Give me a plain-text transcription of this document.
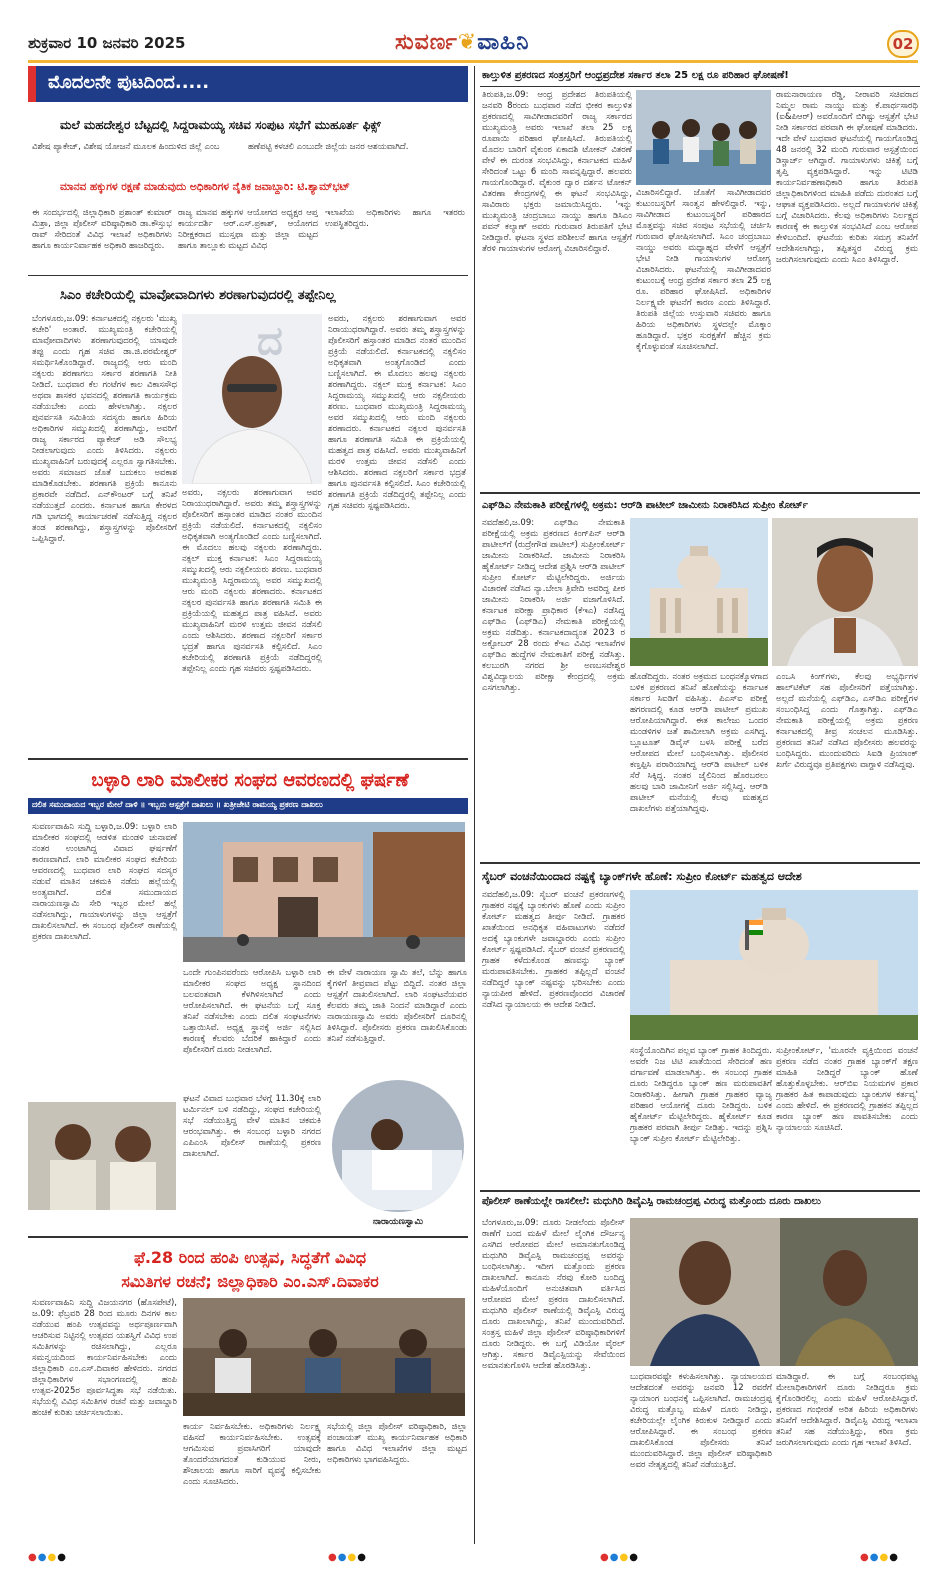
ಶುಕ್ರವಾರ 10 ಜನವರಿ 2025	ಸುವರ್ಣ❦ವಾಹಿನಿ	02
ಮೊದಲನೇ ಪುಟದಿಂದ.....
ಮಲೆ ಮಹದೇಶ್ವರ ಬೆಟ್ಟದಲ್ಲಿ ಸಿದ್ದರಾಮಯ್ಯ ಸಚಿವ ಸಂಪುಟ ಸಭೆಗೆ ಮುಹೂರ್ತ ಫಿಕ್ಸ್
ವಿಶೇಷ ಪ್ಯಾಕೇಜ್, ವಿಶೇಷ ಯೋಜನೆ ಮೂಲಕ ಹಿಂದುಳಿದ ಜಿಲ್ಲೆ ಎಂಬ	ಹಣೆಪಟ್ಟಿ ಕಳಚಲಿ ಎಂಬುದೇ ಜಿಲ್ಲೆಯ ಜನರ ಆಶಯವಾಗಿದೆ.
ಮಾನವ ಹಕ್ಕುಗಳ ರಕ್ಷಣೆ ಮಾಡುವುದು ಅಧಿಕಾರಿಗಳ ನೈತಿಕ ಜವಾಬ್ದಾರಿ: ಟಿ.ಶ್ಯಾಮ್‌ಭಟ್
ಈ ಸಂದರ್ಭದಲ್ಲಿ ಜಿಲ್ಲಾಧಿಕಾರಿ ಪ್ರಶಾಂತ್ ಕುಮಾರ್ ಮಿಶ್ರಾ, ಜಿಲ್ಲಾ ಪೊಲೀಸ್ ವರಿಷ್ಠಾಧಿಕಾರಿ ಡಾ.ಕೌಸ್ತುಭ ರಾವ್ ಸೇರಿದಂತೆ ವಿವಿಧ ಇಲಾಖೆ ಅಧಿಕಾರಿಗಳು ಹಾಗೂ ಕಾರ್ಯನಿರ್ವಾಹಕ ಅಧಿಕಾರಿ ಹಾಜರಿದ್ದರು.
ರಾಜ್ಯ ಮಾನವ ಹಕ್ಕುಗಳ ಆಯೋಗದ ಅಧ್ಯಕ್ಷರ ಆಪ್ತ ಕಾರ್ಯದರ್ಶಿ ಆರ್.ಎಸ್.ಪ್ರಕಾಶ್, ಆಯೋಗದ ನಿರೀಕ್ಷಕರಾದ ಮುಸ್ತಫಾ ಮತ್ತು ಜಿಲ್ಲಾ ಮಟ್ಟದ ಹಾಗೂ ತಾಲ್ಲೂಕು ಮಟ್ಟದ ವಿವಿಧ
ಇಲಾಖೆಯ ಅಧಿಕಾರಿಗಳು ಹಾಗೂ ಇತರರು ಉಪಸ್ಥಿತರಿದ್ದರು.
ಸಿಎಂ ಕಚೇರಿಯಲ್ಲಿ ಮಾವೋವಾದಿಗಳು ಶರಣಾಗುವುದರಲ್ಲಿ ತಪ್ಪೇನಿಲ್ಲ
ಬೆಂಗಳೂರು,ಜ.09: ಕರ್ನಾಟಕದಲ್ಲಿ ನಕ್ಸಲರು 'ಮುಖ್ಯ ಕಚೇರಿ' ಅಂತಾರೆ. ಮುಖ್ಯಮಂತ್ರಿ ಕಚೇರಿಯಲ್ಲಿ ಮಾವೋವಾದಿಗಳು ಶರಣಾಗುವುದರಲ್ಲಿ ಯಾವುದೇ ತಪ್ಪು ಎಂದು ಗೃಹ ಸಚಿವ ಡಾ.ಜಿ.ಪರಮೇಶ್ವರ್ ಸಮರ್ಥಿಸಿಕೊಂಡಿದ್ದಾರೆ. ರಾಜ್ಯದಲ್ಲಿ ಆರು ಮಂದಿ ನಕ್ಸಲರು ಶರಣಾಗಲು ಸರ್ಕಾರ ಶರಣಾಗತಿ ನೀತಿ ನೀಡಿದೆ. ಬುಧವಾರ ಕೆಲ ಗಂಟೆಗಳ ಕಾಲ ವಿಕಾಸಸೌಧ ಅಥವಾ ಶಾಸಕರ ಭವನದಲ್ಲಿ ಶರಣಾಗತಿ ಕಾರ್ಯಕ್ರಮ ನಡೆಯಬೇಕು ಎಂದು ಹೇಳಲಾಗಿತ್ತು. ನಕ್ಸಲರ ಪುನರ್ವಸತಿ ಸಮಿತಿಯ ಸದಸ್ಯರು ಹಾಗೂ ಹಿರಿಯ ಅಧಿಕಾರಿಗಳ ಸಮ್ಮುಖದಲ್ಲಿ ಶರಣಾಗಿದ್ದು, ಅವರಿಗೆ ರಾಜ್ಯ ಸರ್ಕಾರದ ಪ್ಯಾಕೇಜ್ ಅಡಿ ಸೌಲಭ್ಯ ನೀಡಲಾಗುವುದು ಎಂದು ತಿಳಿಸಿದರು. ನಕ್ಸಲರು ಮುಖ್ಯವಾಹಿನಿಗೆ ಬರುವುದಕ್ಕೆ ಎಲ್ಲರೂ ಸ್ವಾಗತಿಸಬೇಕು. ಅವರು ಸಮಾಜದ ಜೊತೆ ಬದುಕಲು ಅವಕಾಶ ಮಾಡಿಕೊಡಬೇಕು. ಶರಣಾಗತಿ ಪ್ರಕ್ರಿಯೆ ಕಾನೂನು ಪ್ರಕಾರವೇ ನಡೆದಿದೆ. ಎನ್‌ಕೌಂಟರ್ ಬಗ್ಗೆ ತನಿಖೆ ನಡೆಯುತ್ತದೆ ಎಂದರು. ಕರ್ನಾಟಕ ಹಾಗೂ ಕೇರಳದ ಗಡಿ ಭಾಗದಲ್ಲಿ ಕಾರ್ಯಾಚರಣೆ ನಡೆಸುತ್ತಿದ್ದ ನಕ್ಸಲರ ತಂಡ ಶರಣಾಗಿದ್ದು, ಶಸ್ತ್ರಾಸ್ತ್ರಗಳನ್ನು ಪೊಲೀಸರಿಗೆ ಒಪ್ಪಿಸಿದ್ದಾರೆ.
ದ
ಅವರು, ನಕ್ಸಲರು ಶರಣಾಗುವಾಗ ಅವರ ನಿರಾಯುಧರಾಗಿದ್ದಾರೆ. ಅವರು ತಮ್ಮ ಶಸ್ತ್ರಾಸ್ತ್ರಗಳನ್ನು ಪೊಲೀಸರಿಗೆ ಹಸ್ತಾಂತರ ಮಾಡಿದ ನಂತರ ಮುಂದಿನ ಪ್ರಕ್ರಿಯೆ ನಡೆಯಲಿದೆ. ಕರ್ನಾಟಕದಲ್ಲಿ ನಕ್ಸಲಿಸಂ ಅಧಿಕೃತವಾಗಿ ಅಂತ್ಯಗೊಂಡಿದೆ ಎಂದು ಬಣ್ಣಿಸಲಾಗಿದೆ. ಈ ಮೊದಲು ಹಲವು ನಕ್ಸಲರು ಶರಣಾಗಿದ್ದರು. ನಕ್ಸಲ್ ಮುಕ್ತ ಕರ್ನಾಟಕ: ಸಿಎಂ ಸಿದ್ದರಾಮಯ್ಯ ಸಮ್ಮುಖದಲ್ಲಿ ಆರು ನಕ್ಸಲೀಯರು ಶರಣು. ಬುಧವಾರ ಮುಖ್ಯಮಂತ್ರಿ ಸಿದ್ದರಾಮಯ್ಯ ಅವರ ಸಮ್ಮುಖದಲ್ಲಿ ಆರು ಮಂದಿ ನಕ್ಸಲರು ಶರಣಾದರು. ಕರ್ನಾಟಕದ ನಕ್ಸಲರ ಪುನರ್ವಸತಿ ಹಾಗೂ ಶರಣಾಗತಿ ಸಮಿತಿ ಈ ಪ್ರಕ್ರಿಯೆಯಲ್ಲಿ ಮಹತ್ವದ ಪಾತ್ರ ವಹಿಸಿದೆ. ಅವರು ಮುಖ್ಯವಾಹಿನಿಗೆ ಮರಳಿ ಉತ್ತಮ ಜೀವನ ನಡೆಸಲಿ ಎಂದು ಆಶಿಸಿದರು. ಶರಣಾದ ನಕ್ಸಲರಿಗೆ ಸರ್ಕಾರ ಭದ್ರತೆ ಹಾಗೂ ಪುನರ್ವಸತಿ ಕಲ್ಪಿಸಲಿದೆ. ಸಿಎಂ ಕಚೇರಿಯಲ್ಲಿ ಶರಣಾಗತಿ ಪ್ರಕ್ರಿಯೆ ನಡೆದಿದ್ದರಲ್ಲಿ ತಪ್ಪೇನಿಲ್ಲ ಎಂದು ಗೃಹ ಸಚಿವರು ಸ್ಪಷ್ಟಪಡಿಸಿದರು.
ಅವರು, ನಕ್ಸಲರು ಶರಣಾಗುವಾಗ ಅವರ ನಿರಾಯುಧರಾಗಿದ್ದಾರೆ. ಅವರು ತಮ್ಮ ಶಸ್ತ್ರಾಸ್ತ್ರಗಳನ್ನು ಪೊಲೀಸರಿಗೆ ಹಸ್ತಾಂತರ ಮಾಡಿದ ನಂತರ ಮುಂದಿನ ಪ್ರಕ್ರಿಯೆ ನಡೆಯಲಿದೆ. ಕರ್ನಾಟಕದಲ್ಲಿ ನಕ್ಸಲಿಸಂ ಅಧಿಕೃತವಾಗಿ ಅಂತ್ಯಗೊಂಡಿದೆ ಎಂದು ಬಣ್ಣಿಸಲಾಗಿದೆ. ಈ ಮೊದಲು ಹಲವು ನಕ್ಸಲರು ಶರಣಾಗಿದ್ದರು. ನಕ್ಸಲ್ ಮುಕ್ತ ಕರ್ನಾಟಕ: ಸಿಎಂ ಸಿದ್ದರಾಮಯ್ಯ ಸಮ್ಮುಖದಲ್ಲಿ ಆರು ನಕ್ಸಲೀಯರು ಶರಣು. ಬುಧವಾರ ಮುಖ್ಯಮಂತ್ರಿ ಸಿದ್ದರಾಮಯ್ಯ ಅವರ ಸಮ್ಮುಖದಲ್ಲಿ ಆರು ಮಂದಿ ನಕ್ಸಲರು ಶರಣಾದರು. ಕರ್ನಾಟಕದ ನಕ್ಸಲರ ಪುನರ್ವಸತಿ ಹಾಗೂ ಶರಣಾಗತಿ ಸಮಿತಿ ಈ ಪ್ರಕ್ರಿಯೆಯಲ್ಲಿ ಮಹತ್ವದ ಪಾತ್ರ ವಹಿಸಿದೆ. ಅವರು ಮುಖ್ಯವಾಹಿನಿಗೆ ಮರಳಿ ಉತ್ತಮ ಜೀವನ ನಡೆಸಲಿ ಎಂದು ಆಶಿಸಿದರು. ಶರಣಾದ ನಕ್ಸಲರಿಗೆ ಸರ್ಕಾರ ಭದ್ರತೆ ಹಾಗೂ ಪುನರ್ವಸತಿ ಕಲ್ಪಿಸಲಿದೆ. ಸಿಎಂ ಕಚೇರಿಯಲ್ಲಿ ಶರಣಾಗತಿ ಪ್ರಕ್ರಿಯೆ ನಡೆದಿದ್ದರಲ್ಲಿ ತಪ್ಪೇನಿಲ್ಲ ಎಂದು ಗೃಹ ಸಚಿವರು ಸ್ಪಷ್ಟಪಡಿಸಿದರು.
ಬಳ್ಳಾರಿ ಲಾರಿ ಮಾಲೀಕರ ಸಂಘದ ಆವರಣದಲ್ಲಿ ಘರ್ಷಣೆ
ದಲಿತ ಸಮುದಾಯದ ಇಬ್ಬರ ಮೇಲೆ ದಾಳಿ ॥ ಇಬ್ಬರು ಆಸ್ಪತ್ರೆಗೆ ದಾಖಲು ॥ ಖತ್ರೀಜೇಟಿ ರಾಮಯ್ಯ ಪ್ರಕರಣ ದಾಖಲು
ಸುವರ್ಣವಾಹಿನಿ ಸುದ್ದಿ ಬಳ್ಳಾರಿ,ಜ.09: ಬಳ್ಳಾರಿ ಲಾರಿ ಮಾಲೀಕರ ಸಂಘದಲ್ಲಿ ಆಡಳಿತ ಮಂಡಳಿ ಚುನಾವಣೆ ನಂತರ ಉಂಟಾಗಿದ್ದ ವಿವಾದ ಘರ್ಷಣೆಗೆ ಕಾರಣವಾಗಿದೆ. ಲಾರಿ ಮಾಲೀಕರ ಸಂಘದ ಕಚೇರಿಯ ಆವರಣದಲ್ಲಿ ಬುಧವಾರ ಲಾರಿ ಸಂಘದ ಸದಸ್ಯರ ನಡುವೆ ಮಾತಿನ ಚಕಮಕಿ ನಡೆದು ಹಲ್ಲೆಯಲ್ಲಿ ಅಂತ್ಯವಾಗಿದೆ. ದಲಿತ ಸಮುದಾಯದ ನಾರಾಯಣಸ್ವಾಮಿ ಸೇರಿ ಇಬ್ಬರ ಮೇಲೆ ಹಲ್ಲೆ ನಡೆಸಲಾಗಿದ್ದು, ಗಾಯಾಳುಗಳನ್ನು ಜಿಲ್ಲಾ ಆಸ್ಪತ್ರೆಗೆ ದಾಖಲಿಸಲಾಗಿದೆ. ಈ ಸಂಬಂಧ ಪೊಲೀಸ್ ಠಾಣೆಯಲ್ಲಿ ಪ್ರಕರಣ ದಾಖಲಾಗಿದೆ.
ಒಂದೇ ಗುಂಪಿನವರೆಂದು ಆರೋಪಿಸಿ ಬಳ್ಳಾರಿ ಲಾರಿ ಮಾಲೀಕರ ಸಂಘದ ಅಧ್ಯಕ್ಷ ಸ್ಥಾನದಿಂದ ಬಲವಂತವಾಗಿ ಕೆಳಗಿಳಿಸಲಾಗಿದೆ ಎಂದು ಆರೋಪಿಸಲಾಗಿದೆ. ಈ ಘಟನೆಯ ಬಗ್ಗೆ ಸೂಕ್ತ ತನಿಖೆ ನಡೆಸಬೇಕು ಎಂದು ದಲಿತ ಸಂಘಟನೆಗಳು ಒತ್ತಾಯಿಸಿವೆ. ಅಧ್ಯಕ್ಷ ಸ್ಥಾನಕ್ಕೆ ಅರ್ಜಿ ಸಲ್ಲಿಸಿದ ಕಾರಣಕ್ಕೆ ಕೆಲವರು ಬೆದರಿಕೆ ಹಾಕಿದ್ದಾರೆ ಎಂದು ಪೊಲೀಸರಿಗೆ ದೂರು ನೀಡಲಾಗಿದೆ.
ಈ ವೇಳೆ ನಾರಾಯಣ ಸ್ವಾಮಿ ತಲೆ, ಬೆನ್ನು ಹಾಗೂ ಕೈಗಳಿಗೆ ತೀವ್ರವಾದ ಪೆಟ್ಟು ಬಿದ್ದಿದೆ. ನಂತರ ಜಿಲ್ಲಾ ಆಸ್ಪತ್ರೆಗೆ ದಾಖಲಿಸಲಾಗಿದೆ. ಲಾರಿ ಸಂಘಟನೆಯವರ ಕೆಲವರು ತಮ್ಮ ಜಾತಿ ನಿಂದನೆ ಮಾಡಿದ್ದಾರೆ ಎಂದು ನಾರಾಯಣಸ್ವಾಮಿ ಅವರು ಪೊಲೀಸರಿಗೆ ದೂರಿನಲ್ಲಿ ತಿಳಿಸಿದ್ದಾರೆ. ಪೊಲೀಸರು ಪ್ರಕರಣ ದಾಖಲಿಸಿಕೊಂಡು ತನಿಖೆ ನಡೆಸುತ್ತಿದ್ದಾರೆ.
ಘಟನೆ ವಿವಾದ ಬುಧವಾರ ಬೆಳಗ್ಗೆ 11.30ಕ್ಕೆ ಲಾರಿ ಟರ್ಮಿನಲ್ ಬಳಿ ನಡೆದಿದ್ದು, ಸಂಘದ ಕಚೇರಿಯಲ್ಲಿ ಸಭೆ ನಡೆಯುತ್ತಿದ್ದ ವೇಳೆ ಮಾತಿನ ಚಕಮಕಿ ಆರಂಭವಾಗಿತ್ತು. ಈ ಸಂಬಂಧ ಬಳ್ಳಾರಿ ನಗರದ ಎಪಿಎಂಸಿ ಪೊಲೀಸ್ ಠಾಣೆಯಲ್ಲಿ ಪ್ರಕರಣ ದಾಖಲಾಗಿದೆ.
ನಾರಾಯಣಸ್ವಾಮಿ
ಫೆ.28 ರಿಂದ ಹಂಪಿ ಉತ್ಸವ, ಸಿದ್ಧತೆಗೆ ವಿವಿಧ
ಸಮಿತಿಗಳ ರಚನೆ; ಜಿಲ್ಲಾಧಿಕಾರಿ ಎಂ.ಎಸ್.ದಿವಾಕರ
ಸುವರ್ಣವಾಹಿನಿ ಸುದ್ದಿ ವಿಜಯನಗರ (ಹೊಸಪೇಟೆ), ಜ.09: ಫೆಬ್ರವರಿ 28 ರಿಂದ ಮೂರು ದಿನಗಳ ಕಾಲ ನಡೆಯುವ ಹಂಪಿ ಉತ್ಸವವನ್ನು ಅರ್ಥಪೂರ್ಣವಾಗಿ ಆಚರಿಸುವ ನಿಟ್ಟಿನಲ್ಲಿ ಉತ್ಸವದ ಯಶಸ್ವಿಗೆ ವಿವಿಧ ಉಪ ಸಮಿತಿಗಳನ್ನು ರಚಿಸಲಾಗಿದ್ದು, ಎಲ್ಲರೂ ಸಮನ್ವಯದಿಂದ ಕಾರ್ಯನಿರ್ವಹಿಸಬೇಕು ಎಂದು ಜಿಲ್ಲಾಧಿಕಾರಿ ಎಂ.ಎಸ್.ದಿವಾಕರ ಹೇಳಿದರು. ನಗರದ ಜಿಲ್ಲಾಧಿಕಾರಿಗಳ ಸಭಾಂಗಣದಲ್ಲಿ ಹಂಪಿ ಉತ್ಸವ-2025ರ ಪೂರ್ವಸಿದ್ಧತಾ ಸಭೆ ನಡೆಯಿತು. ಸಭೆಯಲ್ಲಿ ವಿವಿಧ ಸಮಿತಿಗಳ ರಚನೆ ಮತ್ತು ಜವಾಬ್ದಾರಿ ಹಂಚಿಕೆ ಕುರಿತು ಚರ್ಚಿಸಲಾಯಿತು.
ಕಾರ್ಯ ನಿರ್ವಹಿಸಬೇಕು. ಅಧಿಕಾರಿಗಳು ನಿರ್ಲಕ್ಷ್ಯ ವಹಿಸದೆ ಕಾರ್ಯನಿರ್ವಹಿಸಬೇಕು. ಉತ್ಸವಕ್ಕೆ ಆಗಮಿಸುವ ಪ್ರವಾಸಿಗರಿಗೆ ಯಾವುದೇ ತೊಂದರೆಯಾಗದಂತೆ ಕುಡಿಯುವ ನೀರು, ಶೌಚಾಲಯ ಹಾಗೂ ಸಾರಿಗೆ ವ್ಯವಸ್ಥೆ ಕಲ್ಪಿಸಬೇಕು ಎಂದು ಸೂಚಿಸಿದರು.
ಸಭೆಯಲ್ಲಿ ಜಿಲ್ಲಾ ಪೊಲೀಸ್ ವರಿಷ್ಠಾಧಿಕಾರಿ, ಜಿಲ್ಲಾ ಪಂಚಾಯತ್ ಮುಖ್ಯ ಕಾರ್ಯನಿರ್ವಾಹಕ ಅಧಿಕಾರಿ ಹಾಗೂ ವಿವಿಧ ಇಲಾಖೆಗಳ ಜಿಲ್ಲಾ ಮಟ್ಟದ ಅಧಿಕಾರಿಗಳು ಭಾಗವಹಿಸಿದ್ದರು.
ಕಾಲ್ತುಳಿತ ಪ್ರಕರಣದ ಸಂತ್ರಸ್ತರಿಗೆ ಆಂಧ್ರಪ್ರದೇಶ ಸರ್ಕಾರ ತಲಾ 25 ಲಕ್ಷ ರೂ ಪರಿಹಾರ ಘೋಷಣೆ!
ತಿರುಪತಿ,ಜ.09: ಆಂಧ್ರ ಪ್ರದೇಶದ ತಿರುಪತಿಯಲ್ಲಿ ಜನವರಿ 8ರಂದು ಬುಧವಾರ ನಡೆದ ಭೀಕರ ಕಾಲ್ತುಳಿತ ಪ್ರಕರಣದಲ್ಲಿ ಸಾವಿಗೀಡಾದವರಿಗೆ ರಾಜ್ಯ ಸರ್ಕಾರದ ಮುಖ್ಯಮಂತ್ರಿ ಅವರು ಇಲಾಖೆ ತಲಾ 25 ಲಕ್ಷ ರೂಪಾಯಿ ಪರಿಹಾರ ಘೋಷಿಸಿದೆ. ತಿರುಪತಿಯಲ್ಲಿ ಮೊದಲ ಬಾರಿಗೆ ವೈಕುಂಠ ಏಕಾದಶಿ ಟೋಕನ್ ವಿತರಣೆ ವೇಳೆ ಈ ದುರಂತ ಸಂಭವಿಸಿದ್ದು, ಕರ್ನಾಟಕದ ಮಹಿಳೆ ಸೇರಿದಂತೆ ಒಟ್ಟು 6 ಮಂದಿ ಸಾವನ್ನಪ್ಪಿದ್ದಾರೆ. ಹಲವರು ಗಾಯಗೊಂಡಿದ್ದಾರೆ. ವೈಕುಂಠ ದ್ವಾರ ದರ್ಶನ ಟೋಕನ್ ವಿತರಣಾ ಕೇಂದ್ರಗಳಲ್ಲಿ ಈ ಘಟನೆ ಸಂಭವಿಸಿದ್ದು, ಸಾವಿರಾರು ಭಕ್ತರು ಜಮಾಯಿಸಿದ್ದರು. 'ಇನ್ನು ಮುಖ್ಯಮಂತ್ರಿ ಚಂದ್ರಬಾಬು ನಾಯ್ಡು ಹಾಗೂ ಡಿಸಿಎಂ ಪವನ್ ಕಲ್ಯಾಣ್ ಅವರು ಗುರುವಾರ ತಿರುಪತಿಗೆ ಭೇಟಿ ನೀಡಿದ್ದಾರೆ. ಘಟನಾ ಸ್ಥಳದ ಪರಿಶೀಲನೆ ಹಾಗೂ ಆಸ್ಪತ್ರೆಗೆ ತೆರಳಿ ಗಾಯಾಳುಗಳ ಆರೋಗ್ಯ ವಿಚಾರಿಸಲಿದ್ದಾರೆ.
ವಿಚಾರಿಸಲಿದ್ದಾರೆ. ಜೊತೆಗೆ ಸಾವಿಗೀಡಾದವರ ಕುಟುಂಬಸ್ಥರಿಗೆ ಸಾಂತ್ವನ ಹೇಳಲಿದ್ದಾರೆ. ಇನ್ನು, ಸಾವಿಗೀಡಾದ ಕುಟುಂಬಸ್ಥರಿಗೆ ಪರಿಹಾರದ ಮೊತ್ತವನ್ನು ಸಚಿವ ಸಂಪುಟ ಸಭೆಯಲ್ಲಿ ಚರ್ಚಿಸಿ ಗುರುವಾರ ಘೋಷಿಸಲಾಗಿದೆ. ಸಿಎಂ ಚಂದ್ರಬಾಬು ನಾಯ್ಡು ಅವರು ಮಧ್ಯಾಹ್ನದ ವೇಳೆಗೆ ಆಸ್ಪತ್ರೆಗೆ ಭೇಟಿ ನೀಡಿ ಗಾಯಾಳುಗಳ ಆರೋಗ್ಯ ವಿಚಾರಿಸಿದರು. ಘಟನೆಯಲ್ಲಿ ಸಾವಿಗೀಡಾದವರ ಕುಟುಂಬಕ್ಕೆ ಆಂಧ್ರ ಪ್ರದೇಶ ಸರ್ಕಾರ ತಲಾ 25 ಲಕ್ಷ ರೂ. ಪರಿಹಾರ ಘೋಷಿಸಿದೆ. ಅಧಿಕಾರಿಗಳ ನಿರ್ಲಕ್ಷ್ಯವೇ ಘಟನೆಗೆ ಕಾರಣ ಎಂದು ತಿಳಿಸಿದ್ದಾರೆ. ತಿರುಪತಿ ಜಿಲ್ಲೆಯ ಉಸ್ತುವಾರಿ ಸಚಿವರು ಹಾಗೂ ಹಿರಿಯ ಅಧಿಕಾರಿಗಳು ಸ್ಥಳದಲ್ಲೇ ಮೊಕ್ಕಾಂ ಹೂಡಿದ್ದಾರೆ. ಭಕ್ತರ ಸುರಕ್ಷತೆಗೆ ಹೆಚ್ಚಿನ ಕ್ರಮ ಕೈಗೊಳ್ಳುವಂತೆ ಸೂಚಿಸಲಾಗಿದೆ.
ರಾಮನಾರಾಯಣ ರೆಡ್ಡಿ, ನೀರಾವರಿ ಸಚಿವರಾದ ನಿಮ್ಮಲ ರಾಮ ನಾಯ್ಡು ಮತ್ತು ಕೆ.ಪಾರ್ಥಸಾರಥಿ (ಐ&ಪಿಆರ್) ಅವರೊಂದಿಗೆ ಬಿಗಿಷ್ಟು ಆಸ್ಪತ್ರೆಗೆ ಭೇಟಿ ನೀಡಿ ಸರ್ಕಾರದ ಪರವಾಗಿ ಈ ಘೋಷಣೆ ಮಾಡಿದರು. ಇದೇ ವೇಳೆ ಬುಧವಾರ ಘಟನೆಯಲ್ಲಿ ಗಾಯಗೊಂಡಿದ್ದ 48 ಜನರಲ್ಲಿ 32 ಮಂದಿ ಗುರುವಾರ ಆಸ್ಪತ್ರೆಯಿಂದ ಡಿಸ್ಚಾರ್ಜ್ ಆಗಿದ್ದಾರೆ. ಗಾಯಾಳುಗಳು ಚಿಕಿತ್ಸೆ ಬಗ್ಗೆ ತೃಪ್ತಿ ವ್ಯಕ್ತಪಡಿಸಿದ್ದಾರೆ. ಇನ್ನು ಟಿಟಿಡಿ ಕಾರ್ಯನಿರ್ವಹಣಾಧಿಕಾರಿ ಹಾಗೂ ತಿರುಪತಿ ಜಿಲ್ಲಾಧಿಕಾರಿಗಳಿಂದ ಮಾಹಿತಿ ಪಡೆದು ದುರಂತದ ಬಗ್ಗೆ ಆಘಾತ ವ್ಯಕ್ತಪಡಿಸಿದರು. ಅಲ್ಲದೆ ಗಾಯಾಳುಗಳ ಚಿಕಿತ್ಸೆ ಬಗ್ಗೆ ವಿಚಾರಿಸಿದರು. ಕೆಲವು ಅಧಿಕಾರಿಗಳು ನಿರ್ಲಕ್ಷ್ಯದ ಕಾರಣಕ್ಕೆ ಈ ಕಾಲ್ತುಳಿತ ಸಂಭವಿಸಿದೆ ಎಂಬ ಆರೋಪ ಕೇಳಿಬಂದಿದೆ. ಘಟನೆಯ ಕುರಿತು ಸಮಗ್ರ ತನಿಖೆಗೆ ಆದೇಶಿಸಲಾಗಿದ್ದು, ತಪ್ಪಿತಸ್ಥರ ವಿರುದ್ಧ ಕ್ರಮ ಜರುಗಿಸಲಾಗುವುದು ಎಂದು ಸಿಎಂ ತಿಳಿಸಿದ್ದಾರೆ.
ಎಫ್‌ಡಿಎ ನೇಮಕಾತಿ ಪರೀಕ್ಷೆಗಳಲ್ಲಿ ಅಕ್ರಮ: ಆರ್‌ಡಿ ಪಾಟೀಲ್ ಜಾಮೀನು ನಿರಾಕರಿಸಿದ ಸುಪ್ರೀಂ ಕೋರ್ಟ್
ನವದೆಹಲಿ,ಜ.09: ಎಫ್‌ಡಿಎ ನೇಮಕಾತಿ ಪರೀಕ್ಷೆಯಲ್ಲಿ ಅಕ್ರಮ ಪ್ರಕರಣದ ಕಿಂಗ್‌ಪಿನ್ ಆರ್‌ಡಿ ಪಾಟೀಲ್‌ಗೆ (ರುದ್ರೇಗೌಡ ಪಾಟೀಲ್) ಸುಪ್ರೀಂಕೋರ್ಟ್ ಜಾಮೀನು ನಿರಾಕರಿಸಿದೆ. ಜಾಮೀನು ನಿರಾಕರಿಸಿ ಹೈಕೋರ್ಟ್ ನೀಡಿದ್ದ ಆದೇಶ ಪ್ರಶ್ನಿಸಿ ಆರ್‌ಡಿ ಪಾಟೀಲ್ ಸುಪ್ರೀಂ ಕೋರ್ಟ್ ಮೆಟ್ಟಿಲೇರಿದ್ದರು. ಅರ್ಜಿಯ ವಿಚಾರಣೆ ನಡೆಸಿದ ನ್ಯಾ.ಬೇಲಾ ತ್ರಿವೇದಿ ಅವರಿದ್ದ ಪೀಠ ಜಾಮೀನು ನಿರಾಕರಿಸಿ ಅರ್ಜಿ ವಜಾಗೊಳಿಸಿದೆ. ಕರ್ನಾಟಕ ಪರೀಕ್ಷಾ ಪ್ರಾಧಿಕಾರ (ಕೆಇಎ) ನಡೆಸಿದ್ದ ಎಫ್‌ಡಿಎ (ಎಫ್‌ಡಿಎ) ನೇಮಕಾತಿ ಪರೀಕ್ಷೆಯಲ್ಲಿ ಅಕ್ರಮ ನಡೆದಿತ್ತು. ಕರ್ನಾಟಕದಾದ್ಯಂತ 2023 ರ ಅಕ್ಟೋಬರ್ 28 ರಂದು ಕೆಇಎ ವಿವಿಧ ಇಲಾಖೆಗಳ ಎಫ್‌ಡಿಎ ಹುದ್ದೆಗಳ ನೇಮಕಾತಿಗೆ ಪರೀಕ್ಷೆ ನಡೆಸಿತ್ತು. ಕಲಬುರಗಿ ನಗರದ ಶ್ರೀ ಅಣಬಸವೇಶ್ವರ ವಿಶ್ವವಿದ್ಯಾಲಯ ಪರೀಕ್ಷಾ ಕೇಂದ್ರದಲ್ಲಿ ಅಕ್ರಮ ಎಸಗಲಾಗಿತ್ತು.
ಹೊಡೆದಿದ್ದರು. ನಂತರ ಅಕ್ರಮದ ಬಂಧನಕ್ಕೊಳಗಾದ ಬಳಿಕ ಪ್ರಕರಣದ ತನಿಖೆ ಹೊಣೆಯನ್ನು ಕರ್ನಾಟಕ ಸರ್ಕಾರ ಸಿಐಡಿಗೆ ವಹಿಸಿತ್ತು. ಪಿಎಸ್‌ಐ ಪರೀಕ್ಷೆ ಹಗರಣದಲ್ಲಿ ಕೂಡ ಆರ್‌ಡಿ ಪಾಟೀಲ್ ಪ್ರಮುಖ ಆರೋಪಿಯಾಗಿದ್ದಾರೆ. ಈತ ಕಾಲೇಜು ಒಂದರ ಮಂಡಳಿಗಳ ಜತೆ ಶಾಮೀಲಾಗಿ ಅಕ್ರಮ ಎಸಗಿದ್ದ. ಬ್ಲೂಟೂತ್ ಡಿವೈಸ್ ಬಳಸಿ ಪರೀಕ್ಷೆ ಬರೆದ ಆರೋಪದ ಮೇಲೆ ಬಂಧಿಸಲಾಗಿತ್ತು. ಪೊಲೀಸರ ಕಣ್ತಪ್ಪಿಸಿ ಪರಾರಿಯಾಗಿದ್ದ ಆರ್‌ಡಿ ಪಾಟೀಲ್ ಬಳಿಕ ಸೆರೆ ಸಿಕ್ಕಿದ್ದ. ನಂತರ ಜೈಲಿನಿಂದ ಹೊರಬರಲು ಹಲವು ಬಾರಿ ಜಾಮೀನಿಗೆ ಅರ್ಜಿ ಸಲ್ಲಿಸಿದ್ದ. ಆರ್‌ಡಿ ಪಾಟೀಲ್ ಮನೆಯಲ್ಲಿ ಕೆಲವು ಮಹತ್ವದ ದಾಖಲೆಗಳು ಪತ್ತೆಯಾಗಿದ್ದವು.
ಎಂಒಸಿ ಕಿಂಗ್‌ಗಳು, ಕೆಲವು ಅಭ್ಯರ್ಥಿಗಳ ಹಾಲ್‌ಟಿಕೆಟ್ ಸಹ ಪೊಲೀಸರಿಗೆ ಪತ್ತೆಯಾಗಿತ್ತು. ಅಲ್ಲದೆ ಮನೆಯಲ್ಲಿ ಎಫ್‌ಡಿಎ, ಎಸ್‌ಡಿಎ ಪರೀಕ್ಷೆಗಳ ಸಂಬಂಧಿಸಿದ್ದ ಎಂದು ಗೊತ್ತಾಗಿತ್ತು. ಎಫ್‌ಡಿಎ ನೇಮಕಾತಿ ಪರೀಕ್ಷೆಯಲ್ಲಿ ಅಕ್ರಮ ಪ್ರಕರಣ ಕರ್ನಾಟಕದಲ್ಲಿ ತೀವ್ರ ಸಂಚಲನ ಮೂಡಿಸಿತ್ತು. ಪ್ರಕರಣದ ತನಿಖೆ ನಡೆಸಿದ ಪೊಲೀಸರು ಹಲವರನ್ನು ಬಂಧಿಸಿದ್ದರು. ಮುಂದುವರಿದು ಸಿಐಡಿ ಪ್ರಿಯಾಂಕ್ ಖರ್ಗೆ ವಿರುದ್ಧವೂ ಪ್ರತಿಪಕ್ಷಗಳು ವಾಗ್ದಾಳಿ ನಡೆಸಿದ್ದವು.
ಸೈಬರ್ ವಂಚನೆಯಿಂದಾದ ನಷ್ಟಕ್ಕೆ ಬ್ಯಾಂಕ್‌ಗಳೇ ಹೊಣೆ: ಸುಪ್ರೀಂ ಕೋರ್ಟ್ ಮಹತ್ವದ ಆದೇಶ
ನವದೆಹಲಿ,ಜ.09: ಸೈಬರ್ ವಂಚನೆ ಪ್ರಕರಣಗಳಲ್ಲಿ ಗ್ರಾಹಕರ ನಷ್ಟಕ್ಕೆ ಬ್ಯಾಂಕುಗಳು ಹೊಣೆ ಎಂದು ಸುಪ್ರೀಂ ಕೋರ್ಟ್ ಮಹತ್ವದ ತೀರ್ಪು ನೀಡಿದೆ. ಗ್ರಾಹಕರ ಖಾತೆಯಿಂದ ಅನಧಿಕೃತ ವಹಿವಾಟುಗಳು ನಡೆದರೆ ಅದಕ್ಕೆ ಬ್ಯಾಂಕುಗಳೇ ಜವಾಬ್ದಾರರು ಎಂದು ಸುಪ್ರೀಂ ಕೋರ್ಟ್ ಸ್ಪಷ್ಟಪಡಿಸಿದೆ. ಸೈಬರ್ ವಂಚನೆ ಪ್ರಕರಣದಲ್ಲಿ ಗ್ರಾಹಕ ಕಳೆದುಕೊಂಡ ಹಣವನ್ನು ಬ್ಯಾಂಕ್ ಮರುಪಾವತಿಸಬೇಕು. ಗ್ರಾಹಕರ ತಪ್ಪಿಲ್ಲದೆ ವಂಚನೆ ನಡೆದಿದ್ದರೆ ಬ್ಯಾಂಕ್ ನಷ್ಟವನ್ನು ಭರಿಸಬೇಕು ಎಂದು ನ್ಯಾಯಪೀಠ ಹೇಳಿದೆ. ಪ್ರಕರಣವೊಂದರ ವಿಚಾರಣೆ ನಡೆಸಿದ ನ್ಯಾಯಾಲಯ ಈ ಆದೇಶ ನೀಡಿದೆ.
ಸಂಸ್ಥೆಯೊಂದಿಗಿನ ಪಲ್ಲವ ಬ್ಯಾಂಕ್ ಗ್ರಾಹಕ ತಿಂದಿದ್ದರು. ಅವರೇ ನಿಜ ಟಿಟಿ ಖಾತೆಯಿಂದ ಸೇರಿದಂತೆ ಹಣ ವರ್ಗಾವಣೆ ಮಾಡಲಾಗಿತ್ತು. ಈ ಸಂಬಂಧ ಗ್ರಾಹಕ ದೂರು ನೀಡಿದ್ದರೂ ಬ್ಯಾಂಕ್ ಹಣ ಮರುಪಾವತಿಗೆ ನಿರಾಕರಿಸಿತ್ತು. ಹೀಗಾಗಿ ಗ್ರಾಹಕ ಗ್ರಾಹಕರ ವ್ಯಾಜ್ಯ ಪರಿಹಾರ ಆಯೋಗಕ್ಕೆ ದೂರು ನೀಡಿದ್ದರು. ಬಳಿಕ ಹೈಕೋರ್ಟ್ ಮೆಟ್ಟಿಲೇರಿದ್ದರು. ಹೈಕೋರ್ಟ್ ಕೂಡ ಗ್ರಾಹಕರ ಪರವಾಗಿ ತೀರ್ಪು ನೀಡಿತ್ತು. ಇದನ್ನು ಪ್ರಶ್ನಿಸಿ ಬ್ಯಾಂಕ್ ಸುಪ್ರೀಂ ಕೋರ್ಟ್ ಮೆಟ್ಟಿಲೇರಿತ್ತು.
ಸುಪ್ರೀಂಕೋರ್ಟ್, 'ಮೂರನೇ ವ್ಯಕ್ತಿಯಿಂದ ವಂಚನೆ ಪ್ರಕರಣ ನಡೆದ ನಂತರ ಗ್ರಾಹಕ ಬ್ಯಾಂಕ್‌ಗೆ ತಕ್ಷಣ ಮಾಹಿತಿ ನೀಡಿದ್ದರೆ ಬ್ಯಾಂಕ್ ಹೊಣೆ ಹೊತ್ತುಕೊಳ್ಳಬೇಕು. ಆರ್‌ಬಿಐ ನಿಯಮಗಳ ಪ್ರಕಾರ ಗ್ರಾಹಕರ ಹಿತ ಕಾಪಾಡುವುದು ಬ್ಯಾಂಕುಗಳ ಕರ್ತವ್ಯ' ಎಂದು ಹೇಳಿದೆ. ಈ ಪ್ರಕರಣದಲ್ಲಿ ಗ್ರಾಹಕನ ತಪ್ಪಿಲ್ಲದ ಕಾರಣ ಬ್ಯಾಂಕ್ ಹಣ ಪಾವತಿಸಬೇಕು ಎಂದು ನ್ಯಾಯಾಲಯ ಸೂಚಿಸಿದೆ.
ಪೊಲೀಸ್ ಠಾಣೆಯಲ್ಲೇ ರಾಸಲೀಲೆ: ಮಧುಗಿರಿ ಡಿವೈಎಸ್ಪಿ ರಾಮಚಂದ್ರಪ್ಪ ವಿರುದ್ಧ ಮತ್ತೊಂದು ದೂರು ದಾಖಲು
ಬೆಂಗಳೂರು,ಜ.09: ದೂರು ನೀಡಲೆಂದು ಪೊಲೀಸ್ ಠಾಣೆಗೆ ಬಂದ ಮಹಿಳೆ ಮೇಲೆ ಲೈಂಗಿಕ ದೌರ್ಜನ್ಯ ಎಸಗಿದ ಆರೋಪದ ಮೇಲೆ ಅಮಾನತುಗೊಂಡಿದ್ದ ಮಧುಗಿರಿ ಡಿವೈಎಸ್ಪಿ ರಾಮಚಂದ್ರಪ್ಪ ಅವರನ್ನು ಬಂಧಿಸಲಾಗಿತ್ತು. ಇದೀಗ ಮತ್ತೊಂದು ಪ್ರಕರಣ ದಾಖಲಾಗಿದೆ. ಕಾನೂನು ನೆರವು ಕೋರಿ ಬಂದಿದ್ದ ಮಹಿಳೆಯೊಂದಿಗೆ ಅನುಚಿತವಾಗಿ ವರ್ತಿಸಿದ ಆರೋಪದ ಮೇಲೆ ಪ್ರಕರಣ ದಾಖಲಿಸಲಾಗಿದೆ. ಮಧುಗಿರಿ ಪೊಲೀಸ್ ಠಾಣೆಯಲ್ಲಿ ಡಿವೈಎಸ್ಪಿ ವಿರುದ್ಧ ದೂರು ದಾಖಲಾಗಿದ್ದು, ತನಿಖೆ ಮುಂದುವರಿದಿದೆ. ಸಂತ್ರಸ್ತ ಮಹಿಳೆ ಜಿಲ್ಲಾ ಪೊಲೀಸ್ ವರಿಷ್ಠಾಧಿಕಾರಿಗಳಿಗೆ ದೂರು ನೀಡಿದ್ದರು. ಈ ಬಗ್ಗೆ ವಿಡಿಯೋ ವೈರಲ್ ಆಗಿತ್ತು. ಸರ್ಕಾರ ಡಿವೈಎಸ್ಪಿಯನ್ನು ಸೇವೆಯಿಂದ ಅಮಾನತುಗೊಳಿಸಿ ಆದೇಶ ಹೊರಡಿಸಿತ್ತು.
ಬುಧವಾರವಷ್ಟೇ ಕಳುಹಿಸಲಾಗಿತ್ತು. ನ್ಯಾಯಾಲಯದ ಆದೇಶದಂತೆ ಅವರನ್ನು ಜನವರಿ 12 ರವರೆಗೆ ನ್ಯಾಯಾಂಗ ಬಂಧನಕ್ಕೆ ಒಪ್ಪಿಸಲಾಗಿದೆ. ರಾಮಚಂದ್ರಪ್ಪ ವಿರುದ್ಧ ಮತ್ತೊಬ್ಬ ಮಹಿಳೆ ದೂರು ನೀಡಿದ್ದು, ಕಚೇರಿಯಲ್ಲೇ ಲೈಂಗಿಕ ಕಿರುಕುಳ ನೀಡಿದ್ದಾರೆ ಎಂದು ಆರೋಪಿಸಿದ್ದಾರೆ. ಈ ಸಂಬಂಧ ಪ್ರಕರಣ ದಾಖಲಿಸಿಕೊಂಡ ಪೊಲೀಸರು ತನಿಖೆ ಮುಂದುವರಿಸಿದ್ದಾರೆ. ಜಿಲ್ಲಾ ಪೊಲೀಸ್ ವರಿಷ್ಠಾಧಿಕಾರಿ ಅವರ ನೇತೃತ್ವದಲ್ಲಿ ತನಿಖೆ ನಡೆಯುತ್ತಿದೆ.
ಮಾಡಿದ್ದಾರೆ. ಈ ಬಗ್ಗೆ ಸಂಬಂಧಪಟ್ಟ ಮೇಲಾಧಿಕಾರಿಗಳಿಗೆ ದೂರು ನೀಡಿದ್ದರೂ ಕ್ರಮ ಕೈಗೊಂಡಿರಲಿಲ್ಲ ಎಂದು ಮಹಿಳೆ ಆರೋಪಿಸಿದ್ದಾರೆ. ಪ್ರಕರಣದ ಗಂಭೀರತೆ ಅರಿತ ಹಿರಿಯ ಅಧಿಕಾರಿಗಳು ತನಿಖೆಗೆ ಆದೇಶಿಸಿದ್ದಾರೆ. ಡಿವೈಎಸ್ಪಿ ವಿರುದ್ಧ ಇಲಾಖಾ ತನಿಖೆ ಸಹ ನಡೆಯುತ್ತಿದ್ದು, ಕಠಿಣ ಕ್ರಮ ಜರುಗಿಸಲಾಗುವುದು ಎಂದು ಗೃಹ ಇಲಾಖೆ ತಿಳಿಸಿದೆ.
●●●●	●●●●	●●●●	●●●●
